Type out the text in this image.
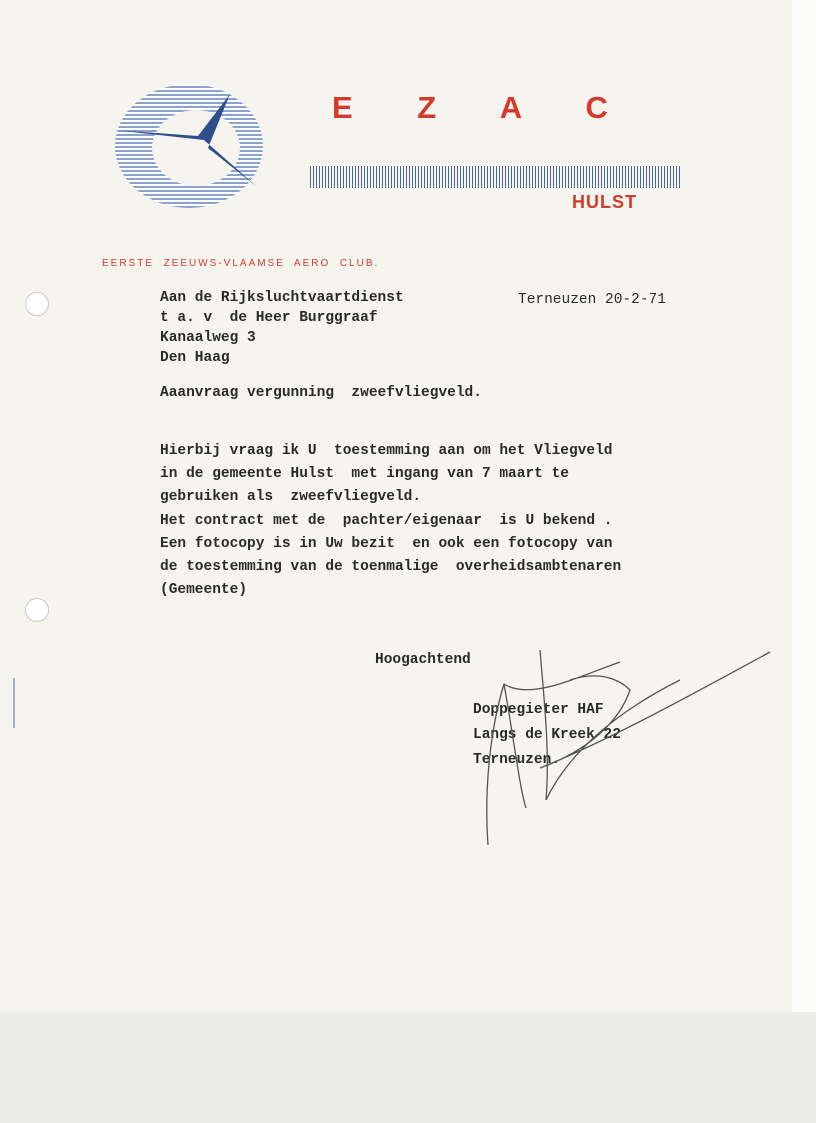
E Z A C
HULST
EERSTE  ZEEUWS-VLAAMSE  AERO  CLUB.
Aan de Rijksluchtvaartdienst
t a. v  de Heer Burggraaf
Kanaalweg 3
Den Haag
Terneuzen 20-2-71
Aaanvraag vergunning  zweefvliegveld.
Hierbij vraag ik U  toestemming aan om het Vliegveld
in de gemeente Hulst  met ingang van 7 maart te
gebruiken als  zweefvliegveld.
Het contract met de  pachter/eigenaar  is U bekend .
Een fotocopy is in Uw bezit  en ook een fotocopy van
de toestemming van de toenmalige  overheidsambtenaren
(Gemeente)
Hoogachtend
Doppegieter HAF
Langs de Kreek 22
Terneuzen.
